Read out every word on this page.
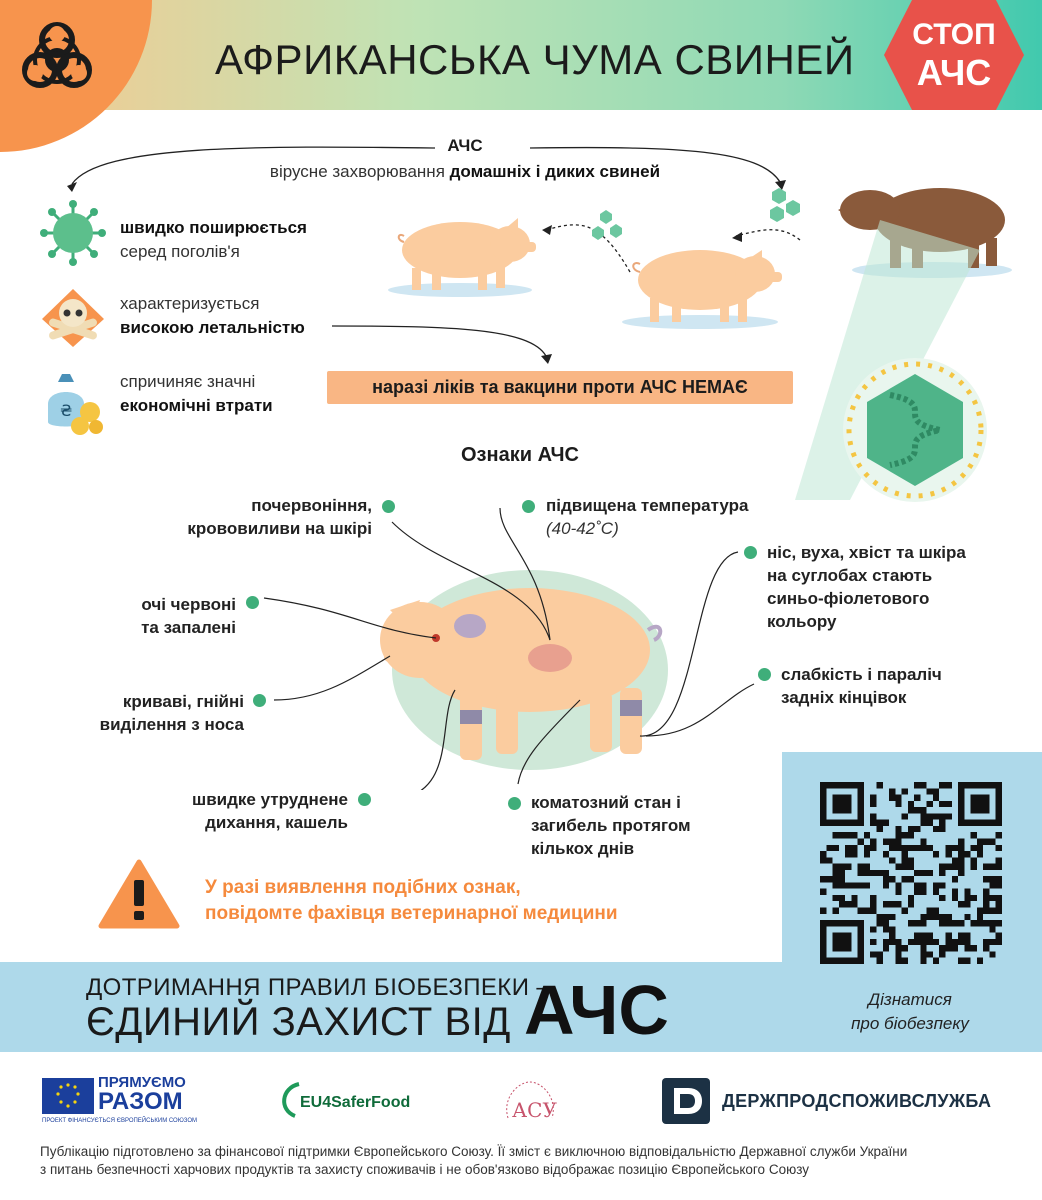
АФРИКАНСЬКА ЧУМА СВИНЕЙ
СТОП
АЧС
АЧС
вірусне захворювання домашніх і диких свиней
швидко поширюється
серед поголів'я
характеризується
високою летальністю
₴
спричиняє значні
економічні втрати
наразі ліків та вакцини проти АЧС НЕМАЄ
Ознаки АЧС
почервоніння,
крововиливи на шкірі
підвищена температура
(40-42˚С)
очі червоні
та запалені
криваві, гнійні
виділення з носа
швидке утруднене
дихання, кашель
ніс, вуха, хвіст та шкіра
на суглобах стають
синьо-фіолетового
кольору
слабкість і параліч
задніх кінцівок
коматозний стан і
загибель протягом
кількох днів
У разі виявлення подібних ознак,
повідомте фахівця ветеринарної медицини
ДОТРИМАННЯ ПРАВИЛ БІОБЕЗПЕКИ –
ЄДИНИЙ ЗАХИСТ ВІД АЧС	Дізнатися
про біобезпеку
ПРЯМУЄМО
РАЗОМ
ПРОЕКТ ФІНАНСУЄТЬСЯ ЄВРОПЕЙСЬКИМ СОЮЗОМ
EU4SaferFood	АСУ	ДЕРЖПРОДСПОЖИВСЛУЖБА
Публікацію підготовлено за фінансової підтримки Європейського Союзу. Її зміст є виключною відповідальністю Державної служби України
з питань безпечності харчових продуктів та захисту споживачів і не обов'язково відображає позицію Європейського Союзу
